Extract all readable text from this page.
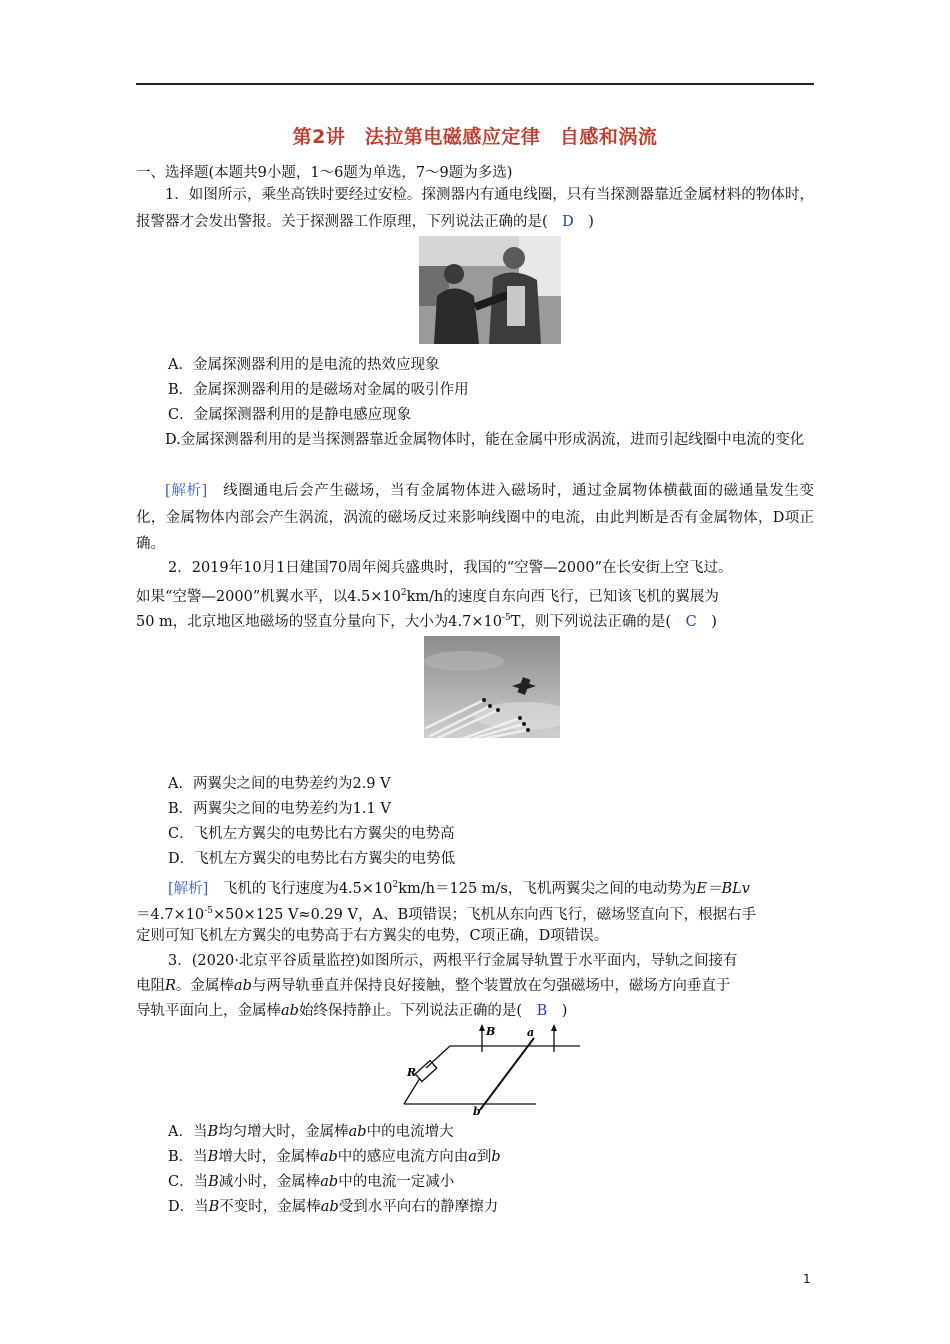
第2讲　法拉第电磁感应定律　自感和涡流
一、选择题(本题共9小题，1～6题为单选，7～9题为多选)
1．如图所示，乘坐高铁时要经过安检。探测器内有通电线圈，只有当探测器靠近金属材料的物体时，报警器才会发出警报。关于探测器工作原理，下列说法正确的是(　 D　 )
A．金属探测器利用的是电流的热效应现象
B．金属探测器利用的是磁场对金属的吸引作用
C．金属探测器利用的是静电感应现象
D.金属探测器利用的是当探测器靠近金属物体时，能在金属中形成涡流，进而引起线圈中电流的变化
[解析]　 线圈通电后会产生磁场，当有金属物体进入磁场时，通过金属物体横截面的磁通量发生变化，金属物体内部会产生涡流，涡流的磁场反过来影响线圈中的电流，由此判断是否有金属物体，D项正确。
2．2019年10月1日建国70周年阅兵盛典时，我国的“空警—2000”在长安街上空飞过。
如果“空警—2000”机翼水平，以$4.5\times 10^2km/h$的速度自东向西飞行，已知该飞机的翼展为
50 m，北京地区地磁场的竖直分量向下，大小为$4.7\times 10^{-5}T$，则下列说法正确的是(　 C　 )
A．两翼尖之间的电势差约为2.9 V
B．两翼尖之间的电势差约为1.1 V
C．飞机左方翼尖的电势比右方翼尖的电势高
D．飞机左方翼尖的电势比右方翼尖的电势低
[解析]　 飞机的飞行速度为$4.5\times 10^2km/h=125$ m/s，飞机两翼尖之间的电动势为E＝BLv
$=4.7\times 10^{-5}\times 50\times 125$ V≈0.29 V，A、B项错误；飞机从东向西飞行，磁场竖直向下，根据右手
定则可知飞机左方翼尖的电势高于右方翼尖的电势，C项正确，D项错误。
3．(2020·北京平谷质量监控)如图所示，两根平行金属导轨置于水平面内，导轨之间接有
电阻R。金属棒ab与两导轨垂直并保持良好接触，整个装置放在匀强磁场中，磁场方向垂直于
导轨平面向上，金属棒ab始终保持静止。下列说法正确的是(　 B　 )
B	a
b
R
A．当B均匀增大时，金属棒ab中的电流增大
B．当B增大时，金属棒ab中的感应电流方向由a到b
C．当B减小时，金属棒ab中的电流一定减小
D．当B不变时，金属棒ab受到水平向右的静摩擦力
1
